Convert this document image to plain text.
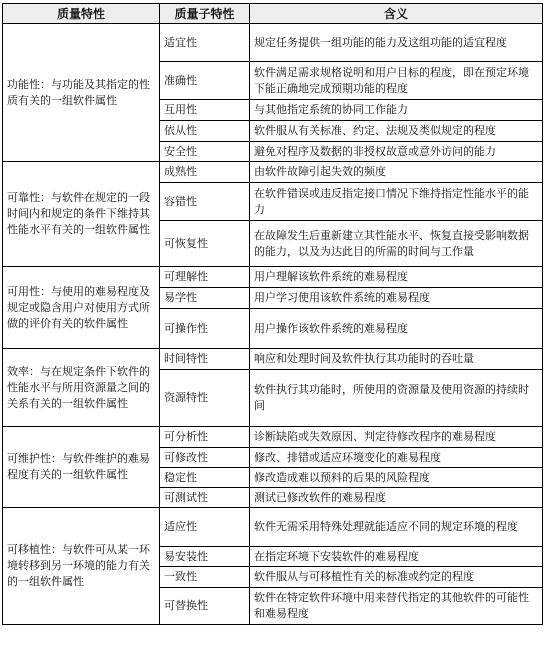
质量特性	质量子特性	含义
功能性：与功能及其指定的性质有关的一组软件属性	适宜性	规定任务提供一组功能的能力及这组功能的适宜程度
	准确性	软件满足需求规格说明和用户目标的程度，即在预定环境下能正确地完成预期功能的程度
	互用性	与其他指定系统的协同工作能力
	依从性	软件服从有关标准、约定、法规及类似规定的程度
	安全性	避免对程序及数据的非授权故意或意外访问的能力
可靠性：与软件在规定的一段时间内和规定的条件下维持其性能水平有关的一组软件属性	成熟性	由软件故障引起失效的频度
	容错性	在软件错误或违反指定接口情况下维持指定性能水平的能力
	可恢复性	在故障发生后重新建立其性能水平、恢复直接受影响数据的能力，以及为达此目的所需的时间与工作量
可用性：与使用的难易程度及规定或隐含用户对使用方式所做的评价有关的软件属性	可理解性	用户理解该软件系统的难易程度
	易学性	用户学习使用该软件系统的难易程度
	可操作性	用户操作该软件系统的难易程度
效率：与在规定条件下软件的性能水平与所用资源量之间的关系有关的一组软件属性	时间特性	响应和处理时间及软件执行其功能时的吞吐量
	资源特性	软件执行其功能时，所使用的资源量及使用资源的持续时间
可维护性：与软件维护的难易程度有关的一组软件属性	可分析性	诊断缺陷或失效原因、判定待修改程序的难易程度
	可修改性	修改、排错或适应环境变化的难易程度
	稳定性	修改造成难以预料的后果的风险程度
	可测试性	测试已修改软件的难易程度
可移植性：与软件可从某一环境转移到另一环境的能力有关的一组软件属性	适应性	软件无需采用特殊处理就能适应不同的规定环境的程度
	易安装性	在指定环境下安装软件的难易程度
	一致性	软件服从与可移植性有关的标准或约定的程度
	可替换性	软件在特定软件环境中用来替代指定的其他软件的可能性和难易程度
